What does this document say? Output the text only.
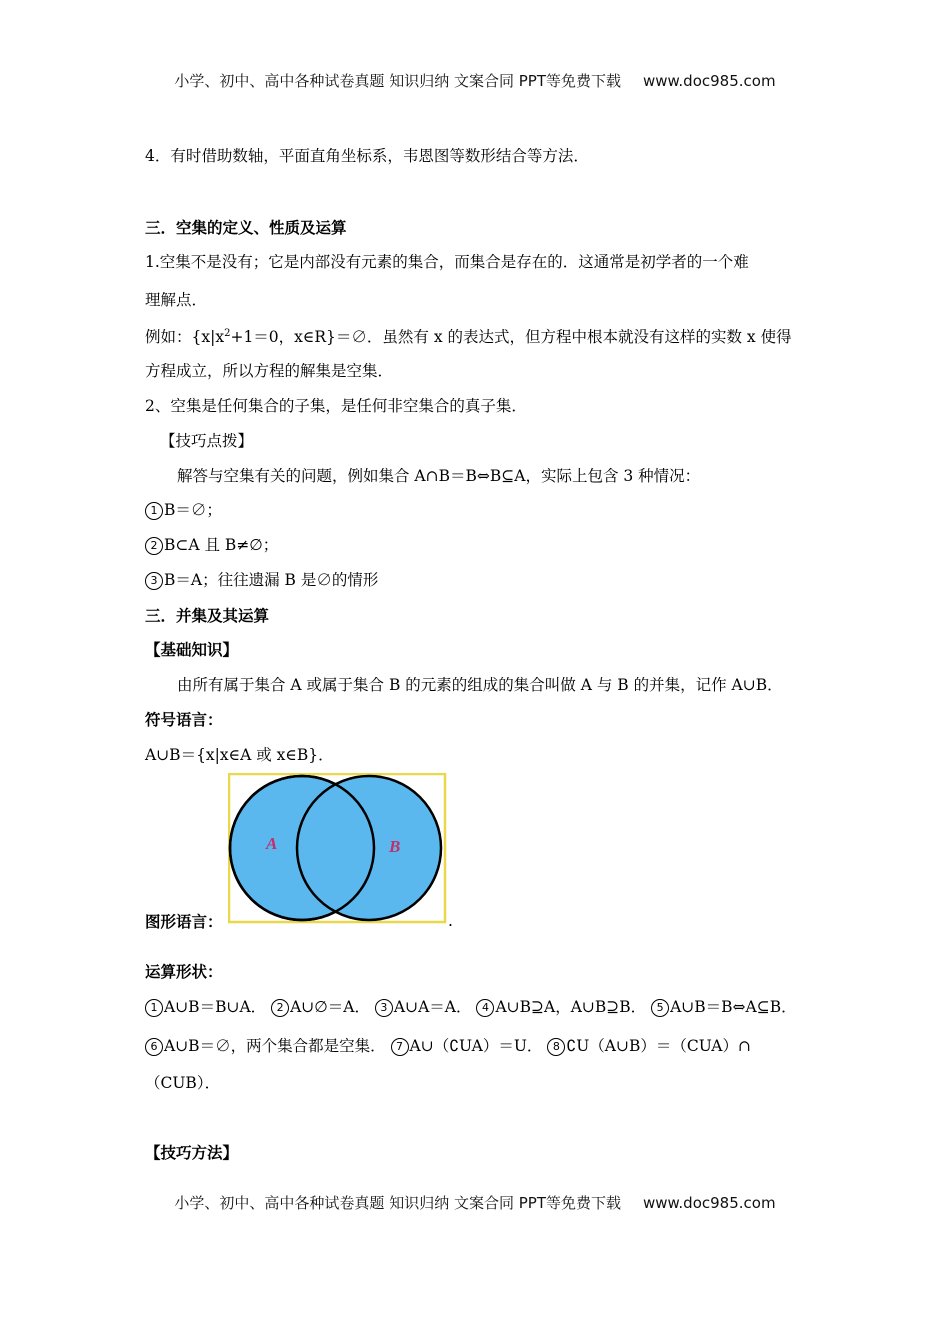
小学、初中、高中各种试卷真题 知识归纳 文案合同 PPT等免费下载 www.doc985.com
4．有时借助数轴，平面直角坐标系，韦恩图等数形结合等方法．
三．空集的定义、性质及运算
1.空集不是没有；它是内部没有元素的集合，而集合是存在的．这通常是初学者的一个难
理解点．
例如：{$x|x^2+1=0$，x∈R}＝∅．虽然有 x 的表达式，但方程中根本就没有这样的实数 x 使得
方程成立，所以方程的解集是空集．
2、空集是任何集合的子集，是任何非空集合的真子集．
【技巧点拨】
解答与空集有关的问题，例如集合 A∩B＝B⇔B⊆A，实际上包含 3 种情况：
1 B＝∅；
2 B⊂A 且 B≠∅；
3 B＝A；往往遗漏 B 是∅的情形
三．并集及其运算
【基础知识】
由所有属于集合 A 或属于集合 B 的元素的组成的集合叫做 A 与 B 的并集，记作 A∪B．
符号语言：
A∪B＝{x|x∈A 或 x∈B}．
A	B
图形语言：	.
运算形状：
1 A∪B＝B∪A． 2 A∪∅＝A． 3 A∪A＝A． 4 A∪B⊇A，A∪B⊇B． 5 A∪B＝B⇔A⊆B．
6 A∪B＝∅，两个集合都是空集． 7 A∪（∁UA）＝U． 8 ∁U（A∪B）＝（CUA）∩
（CUB）．
【技巧方法】
小学、初中、高中各种试卷真题 知识归纳 文案合同 PPT等免费下载 www.doc985.com
